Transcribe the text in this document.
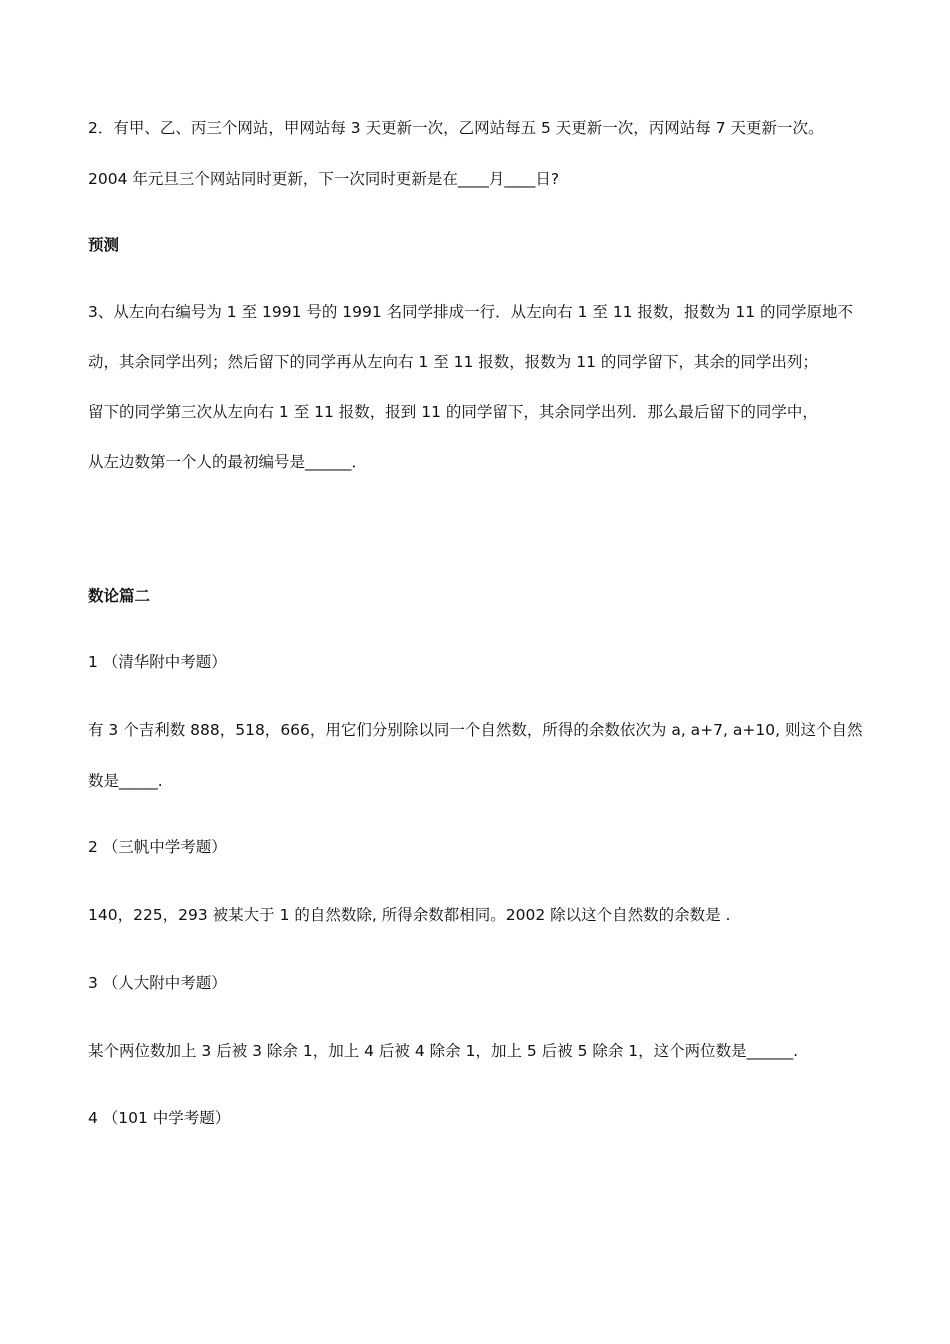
2．有甲、乙、丙三个网站，甲网站每 3 天更新一次，乙网站每五 5 天更新一次，丙网站每 7 天更新一次。
2004 年元旦三个网站同时更新，下一次同时更新是在____月____日?
预测
3、从左向右编号为 1 至 1991 号的 1991 名同学排成一行．从左向右 1 至 11 报数，报数为 11 的同学原地不
动，其余同学出列；然后留下的同学再从左向右 1 至 11 报数，报数为 11 的同学留下，其余的同学出列；
留下的同学第三次从左向右 1 至 11 报数，报到 11 的同学留下，其余同学出列．那么最后留下的同学中，
从左边数第一个人的最初编号是______．
数论篇二
1 （清华附中考题）
有 3 个吉利数 888，518，666，用它们分别除以同一个自然数，所得的余数依次为 a, a+7, a+10, 则这个自然
数是_____.
2 （三帆中学考题）
140，225，293 被某大于 1 的自然数除, 所得余数都相同。2002 除以这个自然数的余数是 .
3 （人大附中考题）
某个两位数加上 3 后被 3 除余 1，加上 4 后被 4 除余 1，加上 5 后被 5 除余 1，这个两位数是______.
4 （101 中学考题）
